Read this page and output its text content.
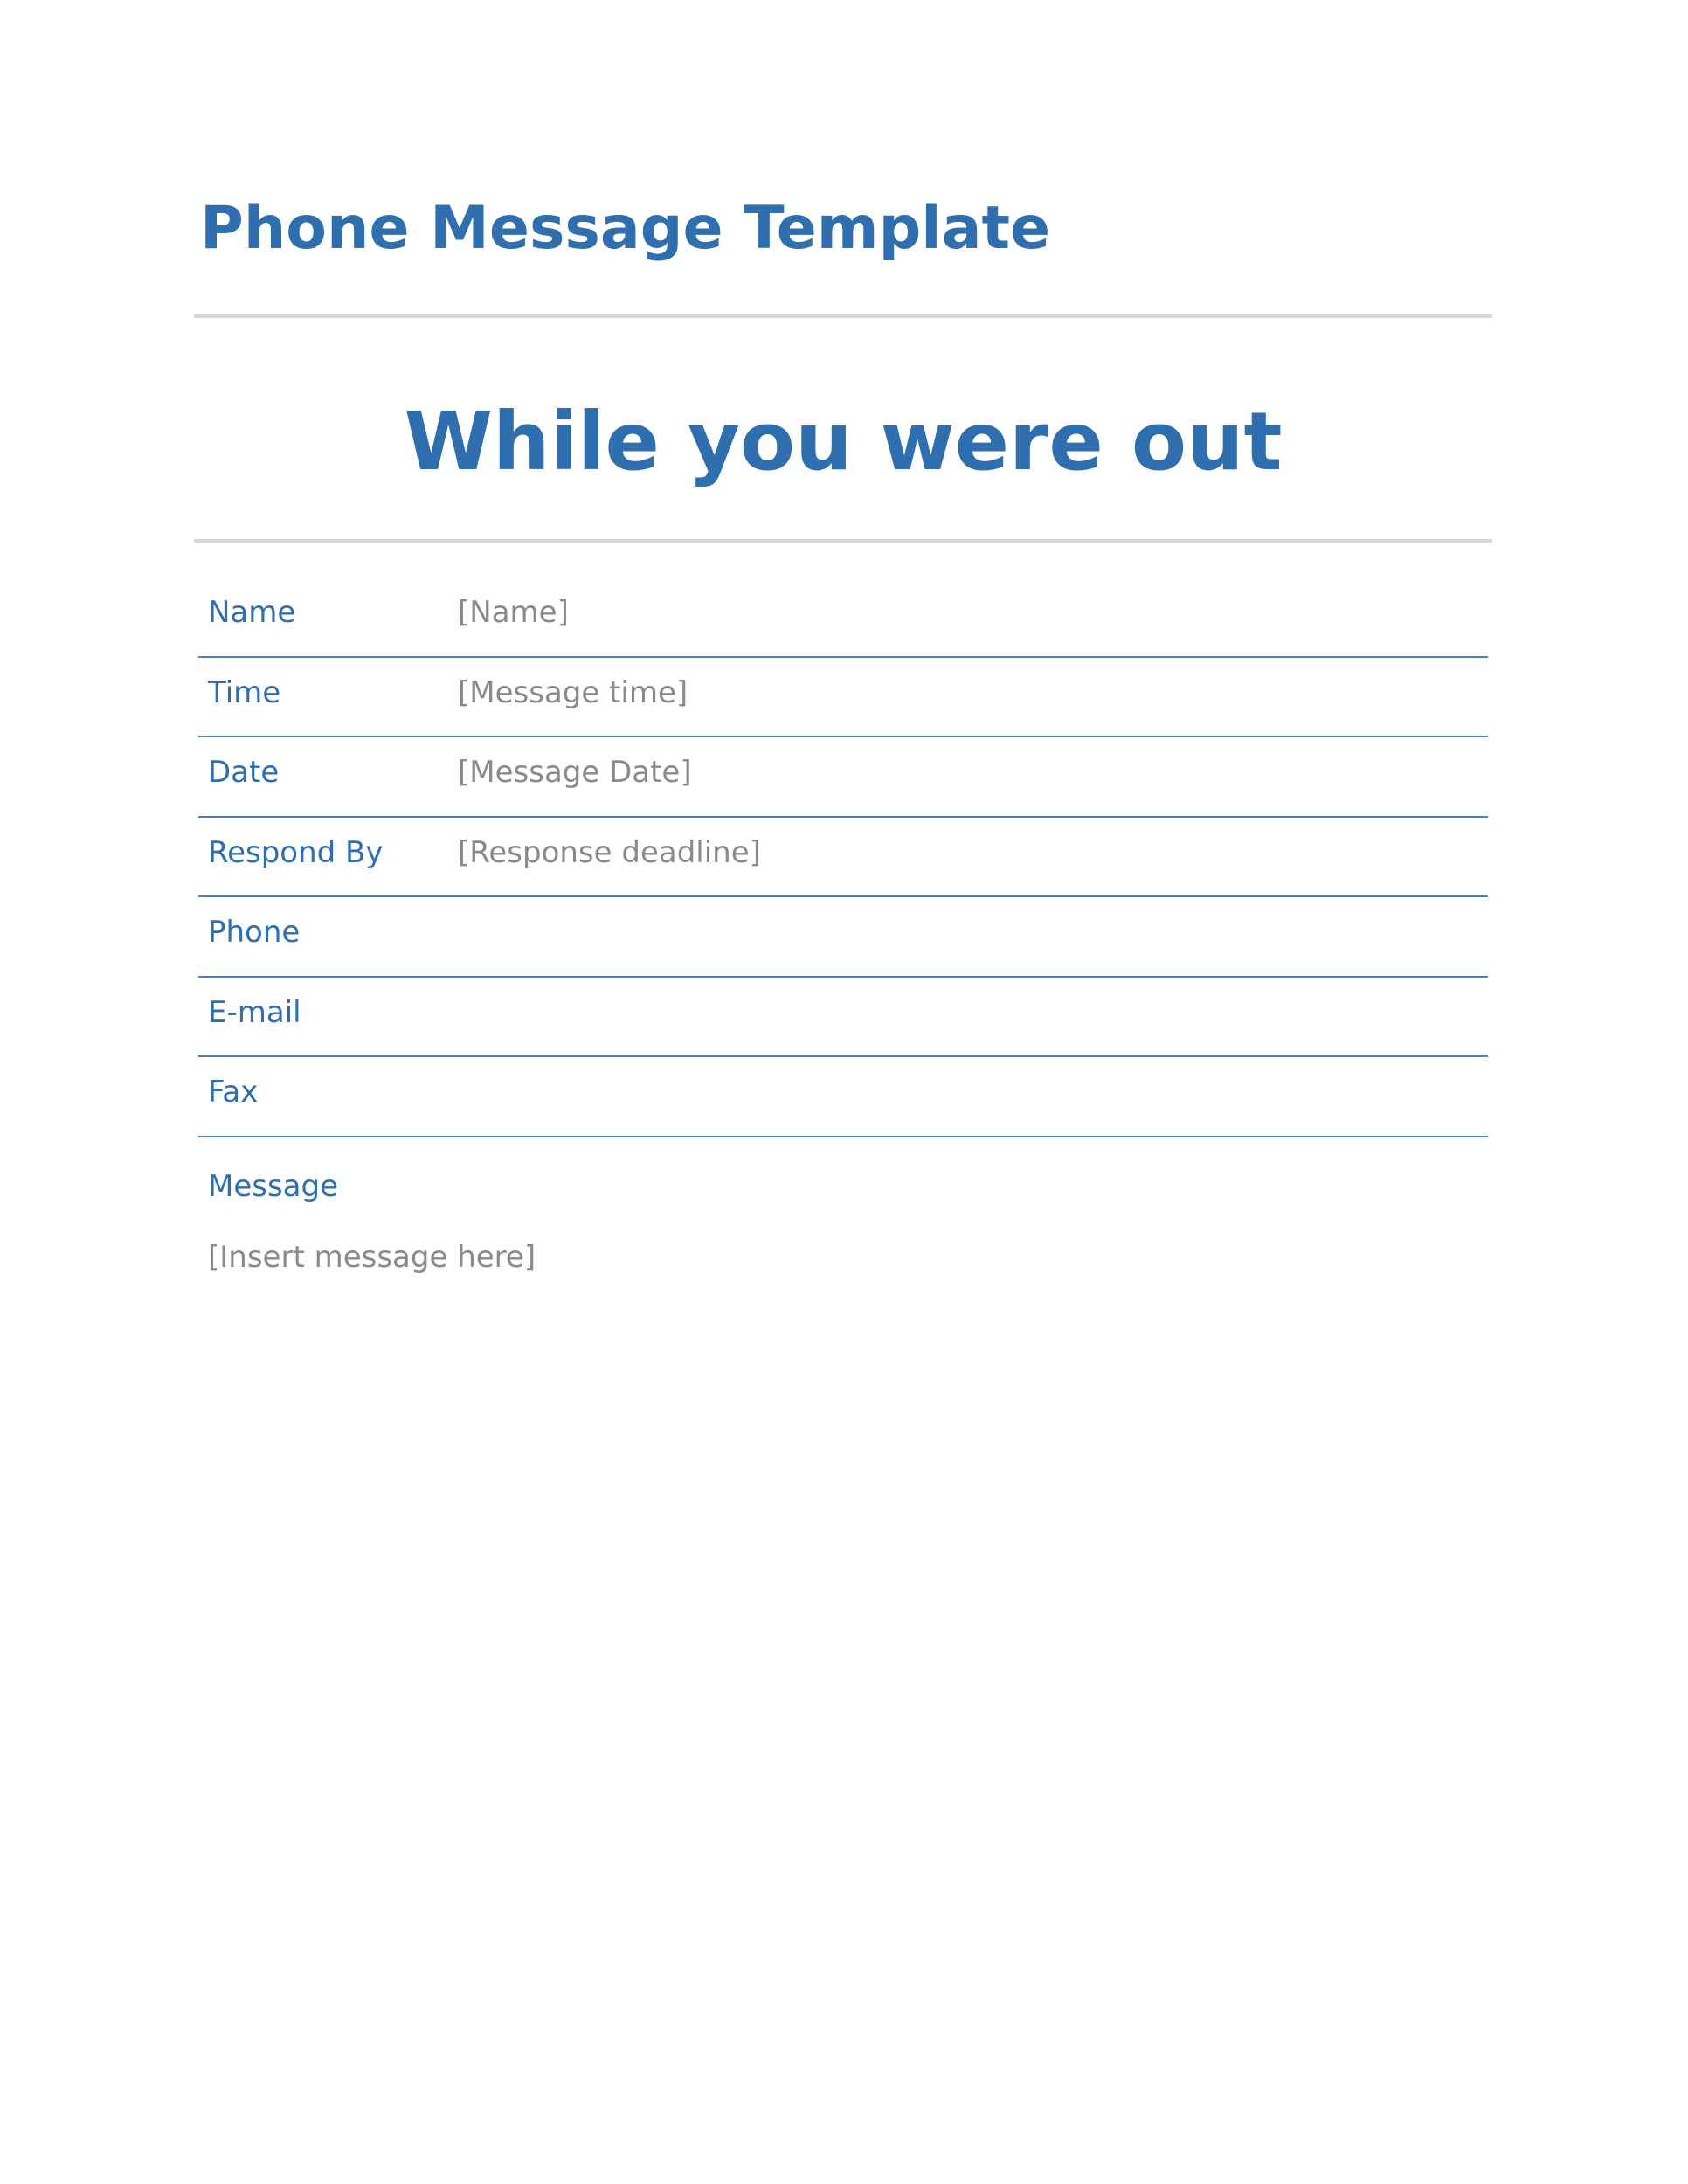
Phone Message Template
While you were out
Name	[Name]
Time	[Message time]
Date	[Message Date]
Respond By	[Response deadline]
Phone
E-mail
Fax
Message
[Insert message here]
